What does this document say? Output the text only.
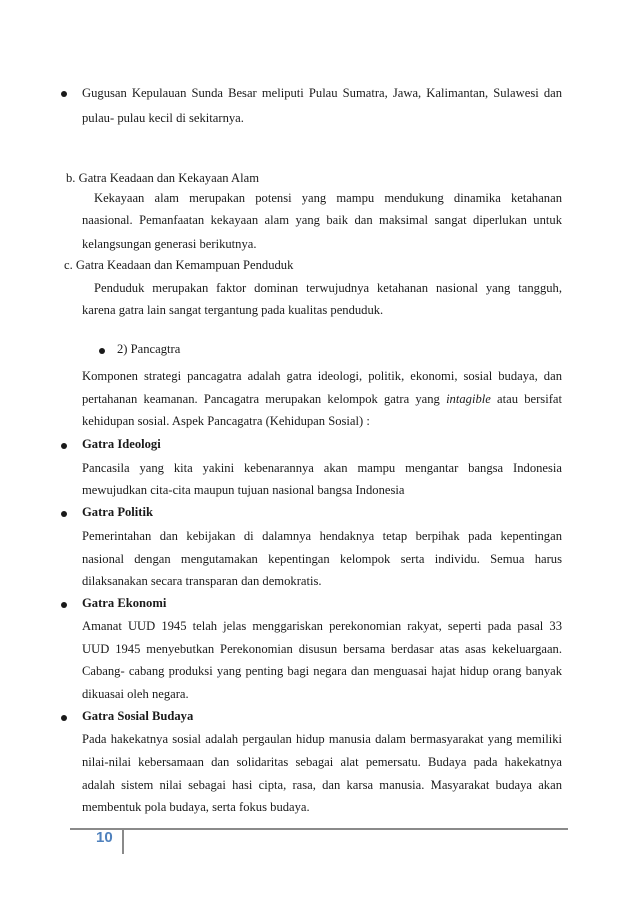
Gugusan Kepulauan Sunda Besar meliputi Pulau Sumatra, Jawa, Kalimantan, Sulawesi dan
pulau- pulau kecil di sekitarnya.
b. Gatra Keadaan dan Kekayaan Alam
Kekayaan alam merupakan potensi yang mampu mendukung dinamika ketahanan
naasional. Pemanfaatan kekayaan alam yang baik dan maksimal sangat diperlukan untuk
kelangsungan generasi berikutnya.
c. Gatra Keadaan dan Kemampuan Penduduk
Penduduk merupakan faktor dominan terwujudnya ketahanan nasional yang tangguh,
karena gatra lain sangat tergantung pada kualitas penduduk.
2) Pancagtra
Komponen strategi pancagatra adalah gatra ideologi, politik, ekonomi, sosial budaya, dan
pertahanan keamanan. Pancagatra merupakan kelompok gatra yang intagible atau bersifat
kehidupan sosial. Aspek Pancagatra (Kehidupan Sosial) :
Gatra Ideologi
Pancasila yang kita yakini kebenarannya akan mampu mengantar bangsa Indonesia
mewujudkan cita-cita maupun tujuan nasional bangsa Indonesia
Gatra Politik
Pemerintahan dan kebijakan di dalamnya hendaknya tetap berpihak pada kepentingan
nasional dengan mengutamakan kepentingan kelompok serta individu. Semua harus
dilaksanakan secara transparan dan demokratis.
Gatra Ekonomi
Amanat UUD 1945 telah jelas menggariskan perekonomian rakyat, seperti pada pasal 33
UUD 1945 menyebutkan Perekonomian disusun bersama berdasar atas asas kekeluargaan.
Cabang- cabang produksi yang penting bagi negara dan menguasai hajat hidup orang banyak
dikuasai oleh negara.
Gatra Sosial Budaya
Pada hakekatnya sosial adalah pergaulan hidup manusia dalam bermasyarakat yang memiliki
nilai-nilai kebersamaan dan solidaritas sebagai alat pemersatu. Budaya pada hakekatnya
adalah sistem nilai sebagai hasi cipta, rasa, dan karsa manusia. Masyarakat budaya akan
membentuk pola budaya, serta fokus budaya.
10
